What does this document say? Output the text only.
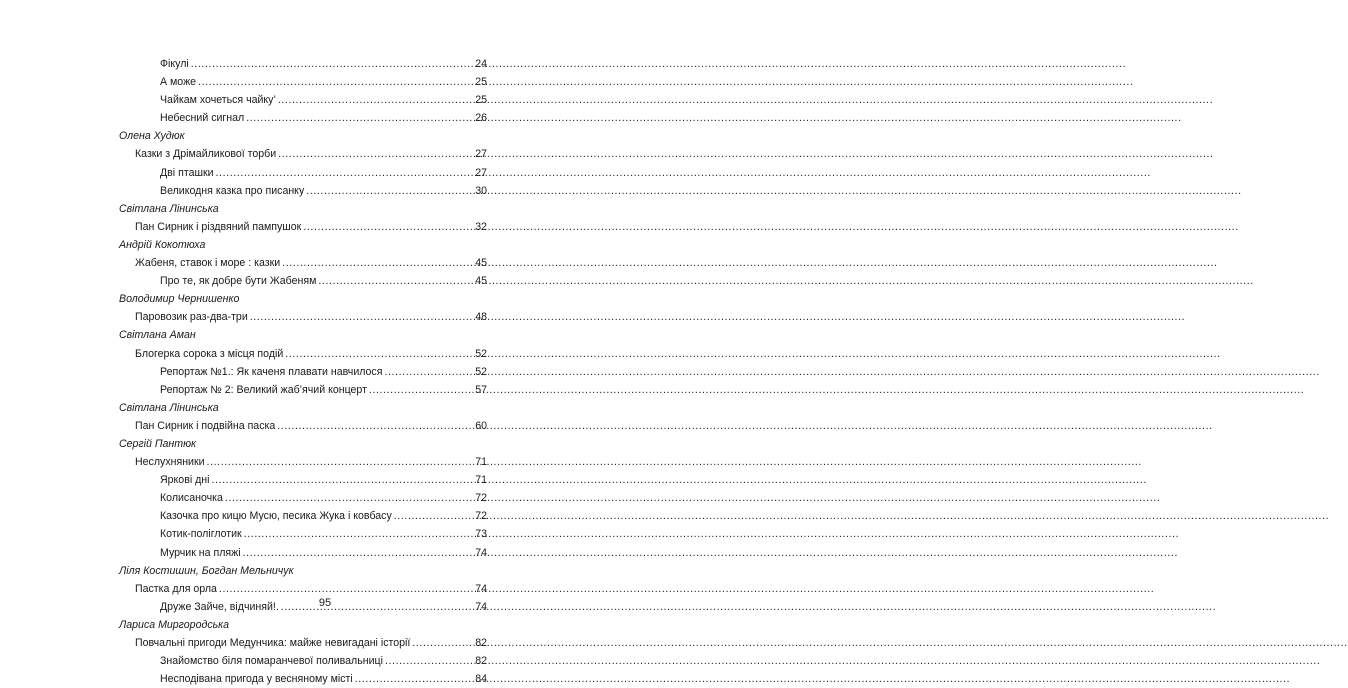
Фікулі .....	24
А може .....	25
Чайкам хочеться чайку’ .....	25
Небесний сигнал .....	26
Олена Худюк
Казки з Дрімайликової торби .....	27
Дві пташки .....	27
Великодня казка про писанку .....	30
Світлана Лінинська
Пан Сирник і різдвяний пампушок .....	32
Андрій Кокотюха
Жабеня, ставок і море : казки .....	45
Про те, як добре бути Жабеням .....	45
Володимир Чернишенко
Паровозик раз-два-три .....	48
Світлана Аман
Блогерка сорока з місця подій .....	52
Репортаж №1.: Як каченя плавати навчилося .....	52
Репортаж № 2: Великий жаб’ячий концерт .....	57
Світлана Лінинська
Пан Сирник і подвійна паска .....	60
Сергій Пантюк
Неслухняники .....	71
Яркові дні .....	71
Колисаночка .....	72
Казочка про кицю Мусю, песика Жука і ковбасу .....	72
Котик-поліглотик .....	73
Мурчик на пляжі .....	74
Ліля Костишин, Богдан Мельничук
Пастка для орла .....	74
Друже Зайче, відчиняй!. .....	74
Лариса Миргородська
Повчальні пригоди Медунчика: майже невигадані історії .....	82
Знайомство біля помаранчевої поливальниці .....	82
Несподівана пригода у весняному місті .....	84
95
